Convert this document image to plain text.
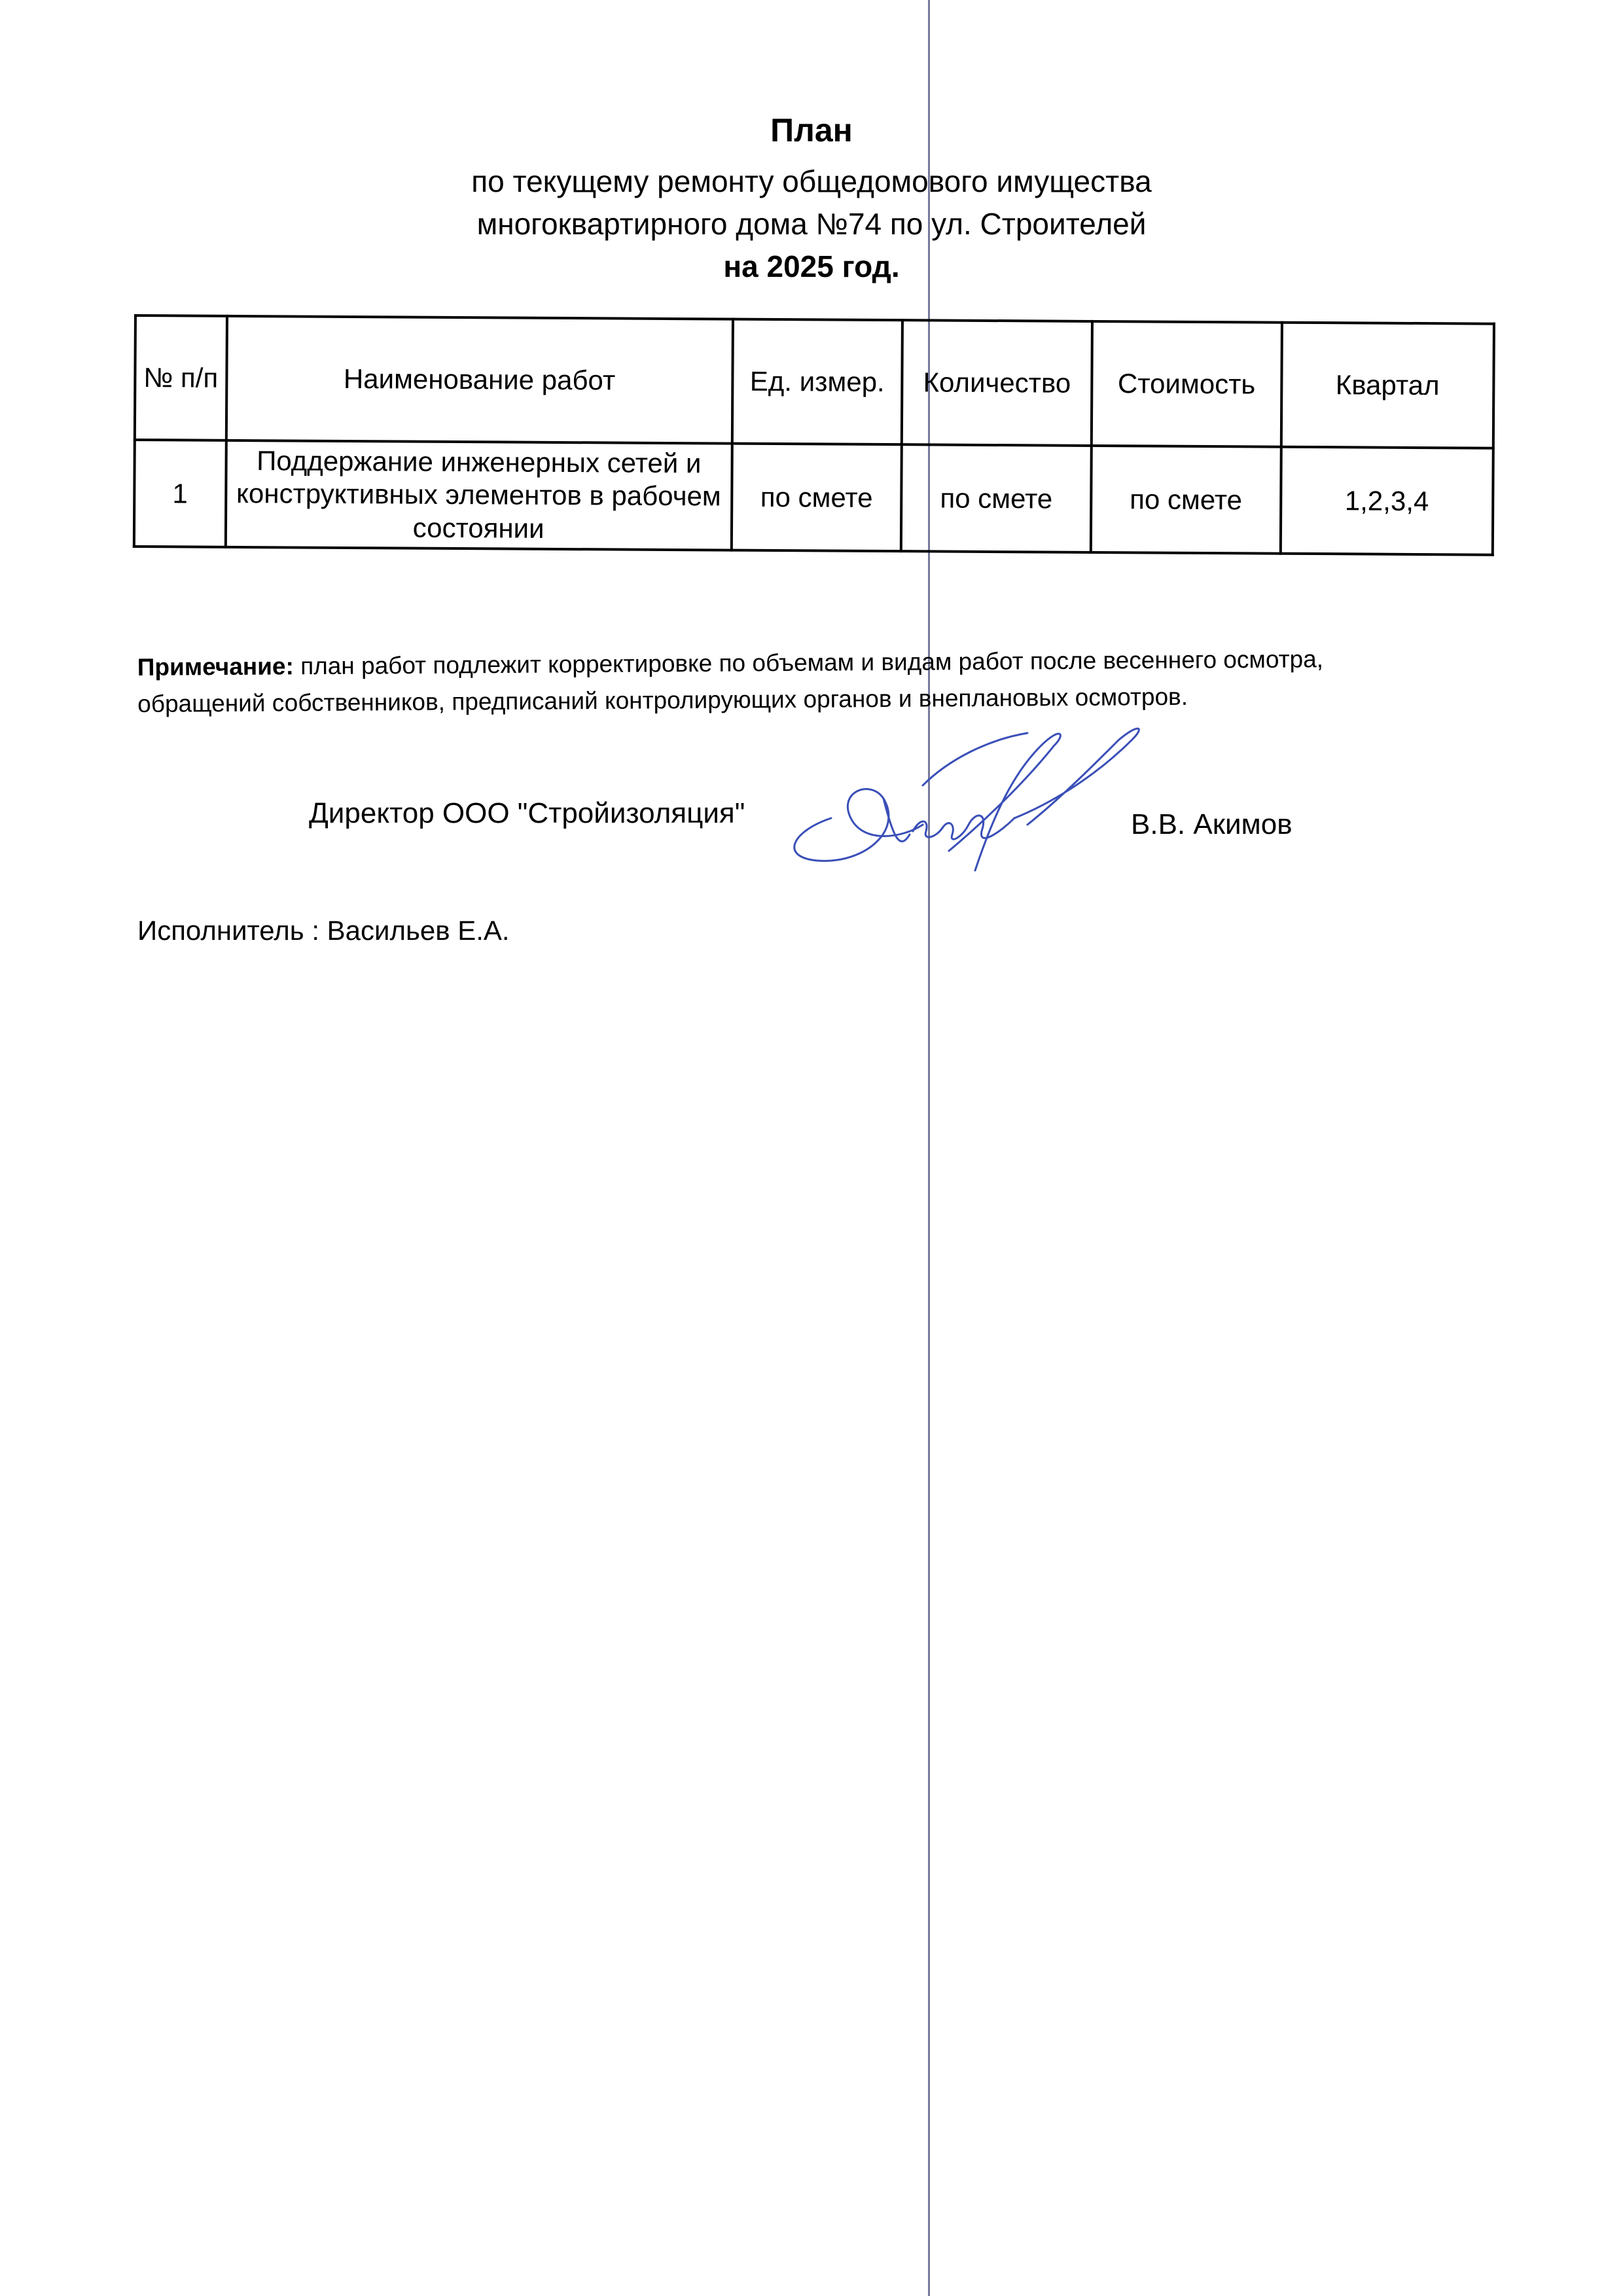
План
по текущему ремонту общедомового имущества
многоквартирного дома №74 по ул. Строителей
на 2025 год.
№ п/п	Наименование работ	Ед. измер.	Количество	Стоимость	Квартал
1	Поддержание инженерных сетей и конструктивных элементов в рабочем состоянии	по смете	по смете	по смете	1,2,3,4
Примечание: план работ подлежит корректировке по объемам и видам работ после весеннего осмотра, обращений собственников, предписаний контролирующих органов и внеплановых осмотров.
Директор ООО "Стройизоляция"	В.В. Акимов
Исполнитель : Васильев Е.А.
